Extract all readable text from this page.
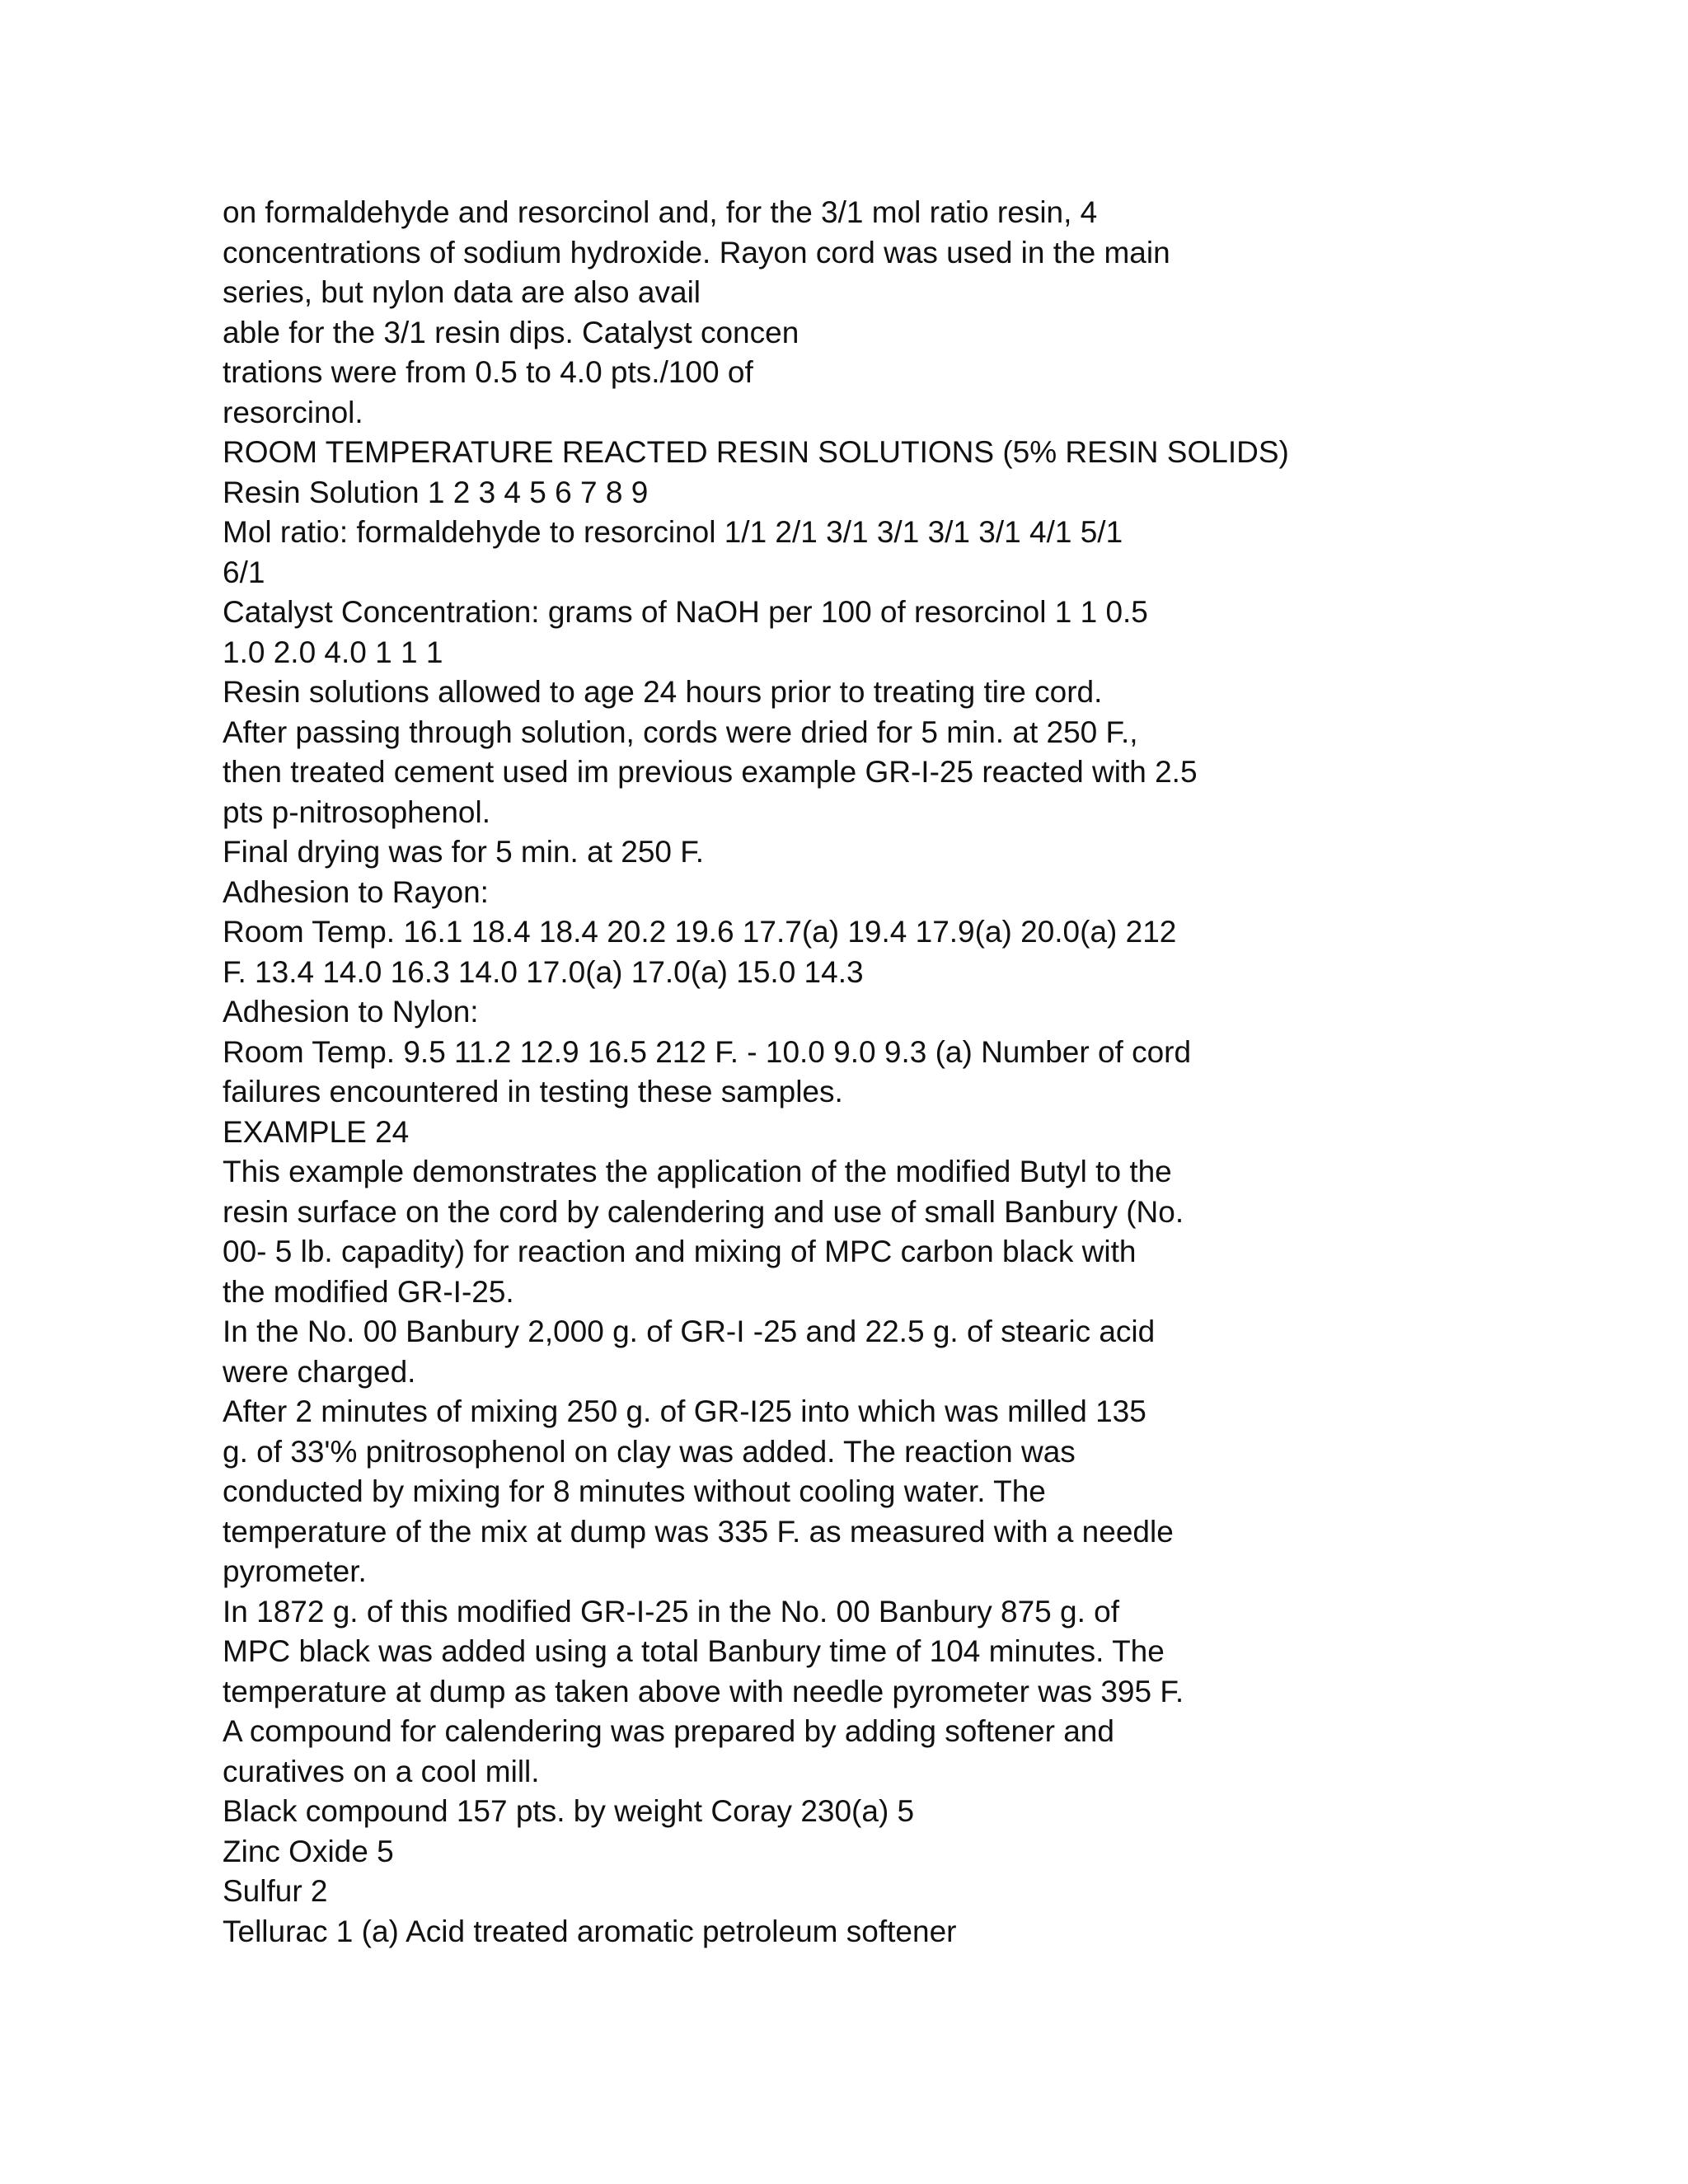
on formaldehyde and resorcinol and, for the 3/1 mol ratio resin, 4
concentrations of sodium hydroxide. Rayon cord was used in the main
series, but nylon data are also avail
able for the 3/1 resin dips. Catalyst concen
trations were from 0.5 to 4.0 pts./100 of
resorcinol.
ROOM TEMPERATURE REACTED RESIN SOLUTIONS (5% RESIN SOLIDS)
Resin Solution 1 2 3 4 5 6 7 8 9
Mol ratio: formaldehyde to resorcinol 1/1 2/1 3/1 3/1 3/1 3/1 4/1 5/1
6/1
Catalyst Concentration: grams of NaOH per 100 of resorcinol 1 1 0.5
1.0 2.0 4.0 1 1 1
Resin solutions allowed to age 24 hours prior to treating tire cord.
After passing through solution, cords were dried for 5 min. at 250 F.,
then treated cement used im previous example GR-I-25 reacted with 2.5
pts p-nitrosophenol.
Final drying was for 5 min. at 250 F.
Adhesion to Rayon:
Room Temp. 16.1 18.4 18.4 20.2 19.6 17.7(a) 19.4 17.9(a) 20.0(a) 212
F. 13.4 14.0 16.3 14.0 17.0(a) 17.0(a) 15.0 14.3
Adhesion to Nylon:
Room Temp. 9.5 11.2 12.9 16.5 212 F. - 10.0 9.0 9.3 (a) Number of cord
failures encountered in testing these samples.
EXAMPLE 24
This example demonstrates the application of the modified Butyl to the
resin surface on the cord by calendering and use of small Banbury (No.
00- 5 lb. capadity) for reaction and mixing of MPC carbon black with
the modified GR-I-25.
In the No. 00 Banbury 2,000 g. of GR-I -25 and 22.5 g. of stearic acid
were charged.
After 2 minutes of mixing 250 g. of GR-I25 into which was milled 135
g. of 33'% pnitrosophenol on clay was added. The reaction was
conducted by mixing for 8 minutes without cooling water. The
temperature of the mix at dump was 335 F. as measured with a needle
pyrometer.
In 1872 g. of this modified GR-I-25 in the No. 00 Banbury 875 g. of
MPC black was added using a total Banbury time of 104 minutes. The
temperature at dump as taken above with needle pyrometer was 395 F.
A compound for calendering was prepared by adding softener and
curatives on a cool mill.
Black compound 157 pts. by weight Coray 230(a) 5
Zinc Oxide 5
Sulfur 2
Tellurac 1 (a) Acid treated aromatic petroleum softener
